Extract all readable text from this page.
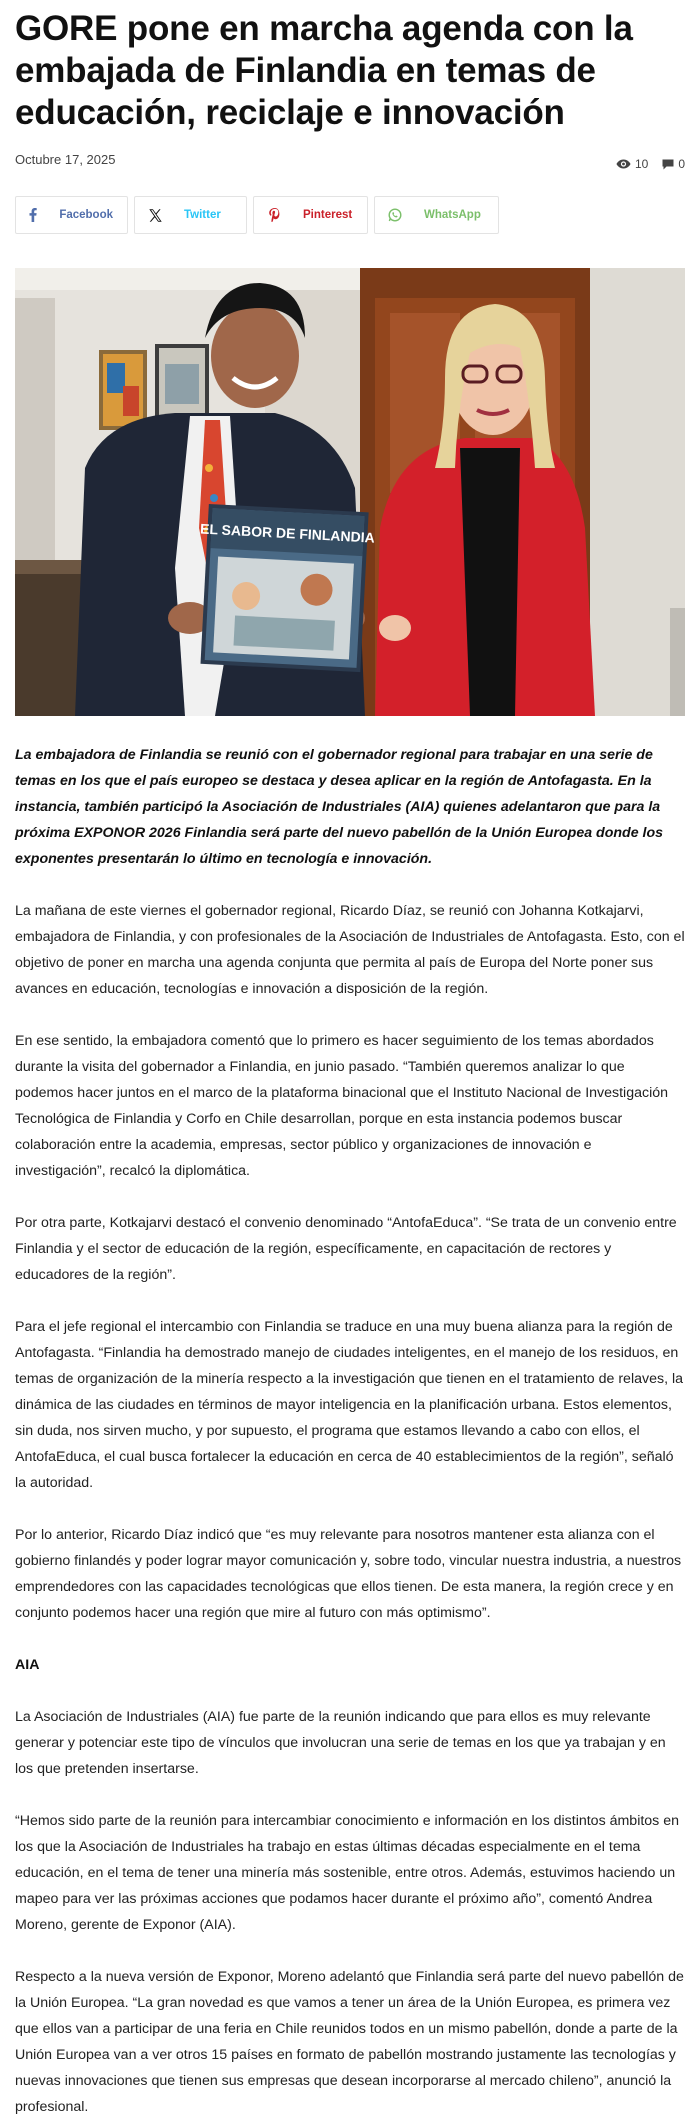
GORE pone en marcha agenda con la embajada de Finlandia en temas de educación, reciclaje e innovación
Octubre 17, 2025	10	0
Facebook	Twitter	Pinterest	WhatsApp
EL SABOR DE FINLANDIA

La embajadora de Finlandia se reunió con el gobernador regional para trabajar en una serie de temas en los que el país europeo se destaca y desea aplicar en la región de Antofagasta. En la instancia, también participó la Asociación de Industriales (AIA) quienes adelantaron que para la próxima EXPONOR 2026 Finlandia será parte del nuevo pabellón de la Unión Europea donde los exponentes presentarán lo último en tecnología e innovación.

La mañana de este viernes el gobernador regional, Ricardo Díaz, se reunió con Johanna Kotkajarvi, embajadora de Finlandia, y con profesionales de la Asociación de Industriales de Antofagasta. Esto, con el objetivo de poner en marcha una agenda conjunta que permita al país de Europa del Norte poner sus avances en educación, tecnologías e innovación a disposición de la región.

En ese sentido, la embajadora comentó que lo primero es hacer seguimiento de los temas abordados durante la visita del gobernador a Finlandia, en junio pasado. “También queremos analizar lo que podemos hacer juntos en el marco de la plataforma binacional que el Instituto Nacional de Investigación Tecnológica de Finlandia y Corfo en Chile desarrollan, porque en esta instancia podemos buscar colaboración entre la academia, empresas, sector público y organizaciones de innovación e investigación”, recalcó la diplomática.

Por otra parte, Kotkajarvi destacó el convenio denominado “AntofaEduca”. “Se trata de un convenio entre Finlandia y el sector de educación de la región, específicamente, en capacitación de rectores y educadores de la región”.

Para el jefe regional el intercambio con Finlandia se traduce en una muy buena alianza para la región de Antofagasta. “Finlandia ha demostrado manejo de ciudades inteligentes, en el manejo de los residuos, en temas de organización de la minería respecto a la investigación que tienen en el tratamiento de relaves, la dinámica de las ciudades en términos de mayor inteligencia en la planificación urbana. Estos elementos, sin duda, nos sirven mucho, y por supuesto, el programa que estamos llevando a cabo con ellos, el AntofaEduca, el cual busca fortalecer la educación en cerca de 40 establecimientos de la región”, señaló la autoridad.

Por lo anterior, Ricardo Díaz indicó que “es muy relevante para nosotros mantener esta alianza con el gobierno finlandés y poder lograr mayor comunicación y, sobre todo, vincular nuestra industria, a nuestros emprendedores con las capacidades tecnológicas que ellos tienen. De esta manera, la región crece y en conjunto podemos hacer una región que mire al futuro con más optimismo”.

AIA

La Asociación de Industriales (AIA) fue parte de la reunión indicando que para ellos es muy relevante generar y potenciar este tipo de vínculos que involucran una serie de temas en los que ya trabajan y en los que pretenden insertarse.

“Hemos sido parte de la reunión para intercambiar conocimiento e información en los distintos ámbitos en los que la Asociación de Industriales ha trabajo en estas últimas décadas especialmente en el tema educación, en el tema de tener una minería más sostenible, entre otros. Además, estuvimos haciendo un mapeo para ver las próximas acciones que podamos hacer durante el próximo año”, comentó Andrea Moreno, gerente de Exponor (AIA).

Respecto a la nueva versión de Exponor, Moreno adelantó que Finlandia será parte del nuevo pabellón de la Unión Europea. “La gran novedad es que vamos a tener un área de la Unión Europea, es primera vez que ellos van a participar de una feria en Chile reunidos todos en un mismo pabellón, donde a parte de la Unión Europea van a ver otros 15 países en formato de pabellón mostrando justamente las tecnologías y nuevas innovaciones que tienen sus empresas que desean incorporarse al mercado chileno”, anunció la profesional.
